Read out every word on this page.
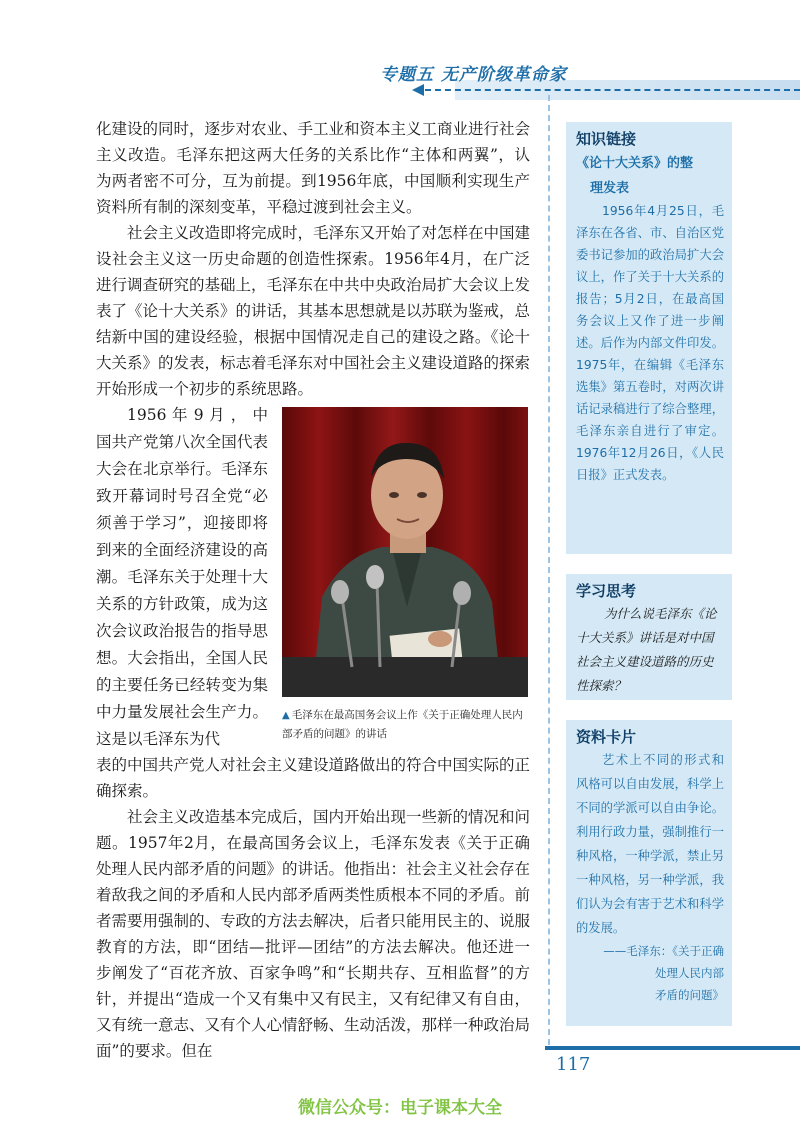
专题五 无产阶级革命家

化建设的同时，逐步对农业、手工业和资本主义工商业进行社会主义改造。毛泽东把这两大任务的关系比作“主体和两翼”，认为两者密不可分，互为前提。到1956年底，中国顺利实现生产资料所有制的深刻变革，平稳过渡到社会主义。

社会主义改造即将完成时，毛泽东又开始了对怎样在中国建设社会主义这一历史命题的创造性探索。1956年4月，在广泛进行调查研究的基础上，毛泽东在中共中央政治局扩大会议上发表了《论十大关系》的讲话，其基本思想就是以苏联为鉴戒，总结新中国的建设经验，根据中国情况走自己的建设之路。《论十大关系》的发表，标志着毛泽东对中国社会主义建设道路的探索开始形成一个初步的系统思路。

1956 年 9 月 ， 中国共产党第八次全国代表大会在北京举行。毛泽东致开幕词时号召全党“必须善于学习”，迎接即将到来的全面经济建设的高潮。毛泽东关于处理十大关系的方针政策，成为这次会议政治报告的指导思想。大会指出，全国人民的主要任务已经转变为集中力量发展社会生产力。这是以毛泽东为代

表的中国共产党人对社会主义建设道路做出的符合中国实际的正确探索。

社会主义改造基本完成后，国内开始出现一些新的情况和问题。1957年2月，在最高国务会议上，毛泽东发表《关于正确处理人民内部矛盾的问题》的讲话。他指出：社会主义社会存在着敌我之间的矛盾和人民内部矛盾两类性质根本不同的矛盾。前者需要用强制的、专政的方法去解决，后者只能用民主的、说服教育的方法，即“团结—批评—团结”的方法去解决。他还进一步阐发了“百花齐放、百家争鸣”和“长期共存、互相监督”的方针，并提出“造成一个又有集中又有民主，又有纪律又有自由，又有统一意志、又有个人心情舒畅、生动活泼，那样一种政治局面”的要求。但在

▲ 毛泽东在最高国务会议上作《关于正确处理人民内部矛盾的问题》的讲话
知识链接
《论十大关系》的整
理发表
1956年4月25日，毛泽东在各省、市、自治区党委书记参加的政治局扩大会议上，作了关于十大关系的报告；5月2日，在最高国务会议上又作了进一步阐述。后作为内部文件印发。1975年，在编辑《毛泽东选集》第五卷时，对两次讲话记录稿进行了综合整理，毛泽东亲自进行了审定。1976年12月26日，《人民日报》正式发表。
学习思考
为什么说毛泽东《论十大关系》讲话是对中国社会主义建设道路的历史性探索？
资料卡片
艺术上不同的形式和风格可以自由发展，科学上不同的学派可以自由争论。利用行政力量，强制推行一种风格，一种学派，禁止另一种风格，另一种学派，我们认为会有害于艺术和科学的发展。
——毛泽东：《关于正确
处理人民内部
矛盾的问题》
117
微信公众号：电子课本大全
